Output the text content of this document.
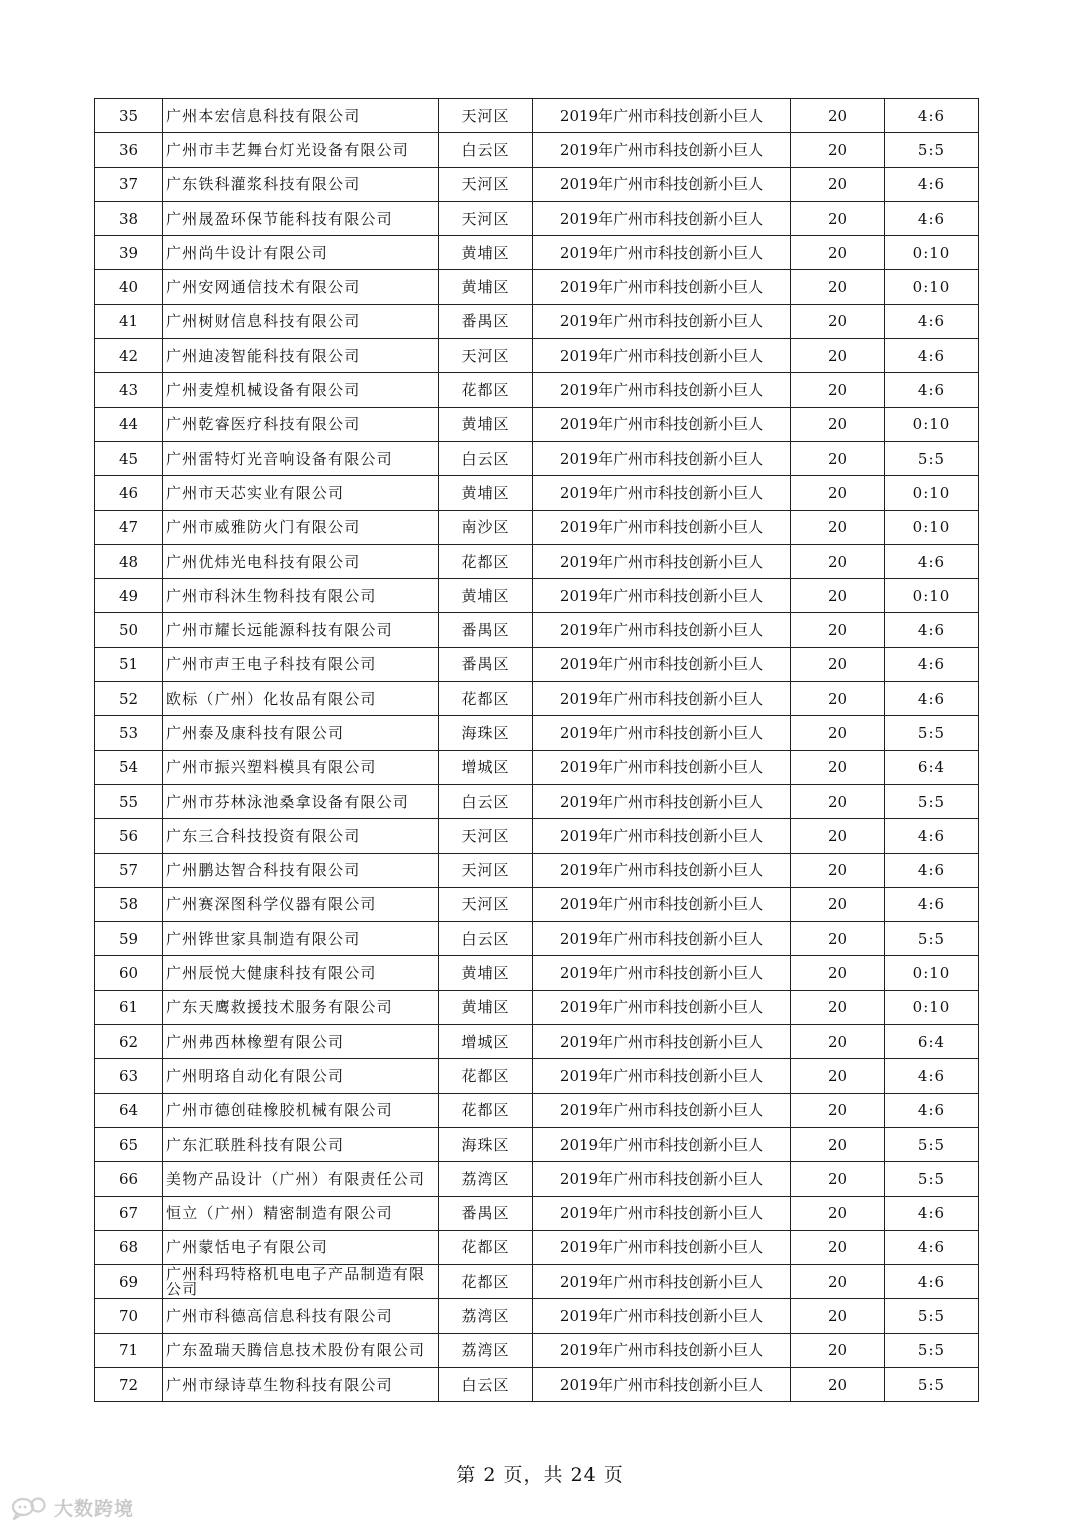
35	广州本宏信息科技有限公司	天河区	2019年广州市科技创新小巨人	20	4:6
36	广州市丰艺舞台灯光设备有限公司	白云区	2019年广州市科技创新小巨人	20	5:5
37	广东铁科灌浆科技有限公司	天河区	2019年广州市科技创新小巨人	20	4:6
38	广州晟盈环保节能科技有限公司	天河区	2019年广州市科技创新小巨人	20	4:6
39	广州尚牛设计有限公司	黄埔区	2019年广州市科技创新小巨人	20	0:10
40	广州安网通信技术有限公司	黄埔区	2019年广州市科技创新小巨人	20	0:10
41	广州树财信息科技有限公司	番禺区	2019年广州市科技创新小巨人	20	4:6
42	广州迪凌智能科技有限公司	天河区	2019年广州市科技创新小巨人	20	4:6
43	广州麦煌机械设备有限公司	花都区	2019年广州市科技创新小巨人	20	4:6
44	广州乾睿医疗科技有限公司	黄埔区	2019年广州市科技创新小巨人	20	0:10
45	广州雷特灯光音响设备有限公司	白云区	2019年广州市科技创新小巨人	20	5:5
46	广州市天芯实业有限公司	黄埔区	2019年广州市科技创新小巨人	20	0:10
47	广州市威雅防火门有限公司	南沙区	2019年广州市科技创新小巨人	20	0:10
48	广州优炜光电科技有限公司	花都区	2019年广州市科技创新小巨人	20	4:6
49	广州市科沐生物科技有限公司	黄埔区	2019年广州市科技创新小巨人	20	0:10
50	广州市耀长远能源科技有限公司	番禺区	2019年广州市科技创新小巨人	20	4:6
51	广州市声王电子科技有限公司	番禺区	2019年广州市科技创新小巨人	20	4:6
52	欧标（广州）化妆品有限公司	花都区	2019年广州市科技创新小巨人	20	4:6
53	广州泰及康科技有限公司	海珠区	2019年广州市科技创新小巨人	20	5:5
54	广州市振兴塑料模具有限公司	增城区	2019年广州市科技创新小巨人	20	6:4
55	广州市芬林泳池桑拿设备有限公司	白云区	2019年广州市科技创新小巨人	20	5:5
56	广东三合科技投资有限公司	天河区	2019年广州市科技创新小巨人	20	4:6
57	广州鹏达智合科技有限公司	天河区	2019年广州市科技创新小巨人	20	4:6
58	广州赛深图科学仪器有限公司	天河区	2019年广州市科技创新小巨人	20	4:6
59	广州铧世家具制造有限公司	白云区	2019年广州市科技创新小巨人	20	5:5
60	广州辰悦大健康科技有限公司	黄埔区	2019年广州市科技创新小巨人	20	0:10
61	广东天鹰救援技术服务有限公司	黄埔区	2019年广州市科技创新小巨人	20	0:10
62	广州弗西林橡塑有限公司	增城区	2019年广州市科技创新小巨人	20	6:4
63	广州明珞自动化有限公司	花都区	2019年广州市科技创新小巨人	20	4:6
64	广州市德创硅橡胶机械有限公司	花都区	2019年广州市科技创新小巨人	20	4:6
65	广东汇联胜科技有限公司	海珠区	2019年广州市科技创新小巨人	20	5:5
66	美物产品设计（广州）有限责任公司	荔湾区	2019年广州市科技创新小巨人	20	5:5
67	恒立（广州）精密制造有限公司	番禺区	2019年广州市科技创新小巨人	20	4:6
68	广州蒙恬电子有限公司	花都区	2019年广州市科技创新小巨人	20	4:6
69	广州科玛特格机电电子产品制造有限公司	花都区	2019年广州市科技创新小巨人	20	4:6
70	广州市科德高信息科技有限公司	荔湾区	2019年广州市科技创新小巨人	20	5:5
71	广东盈瑞天腾信息技术股份有限公司	荔湾区	2019年广州市科技创新小巨人	20	5:5
72	广州市绿诗草生物科技有限公司	白云区	2019年广州市科技创新小巨人	20	5:5
第 2 页，共 24 页
大数跨境
